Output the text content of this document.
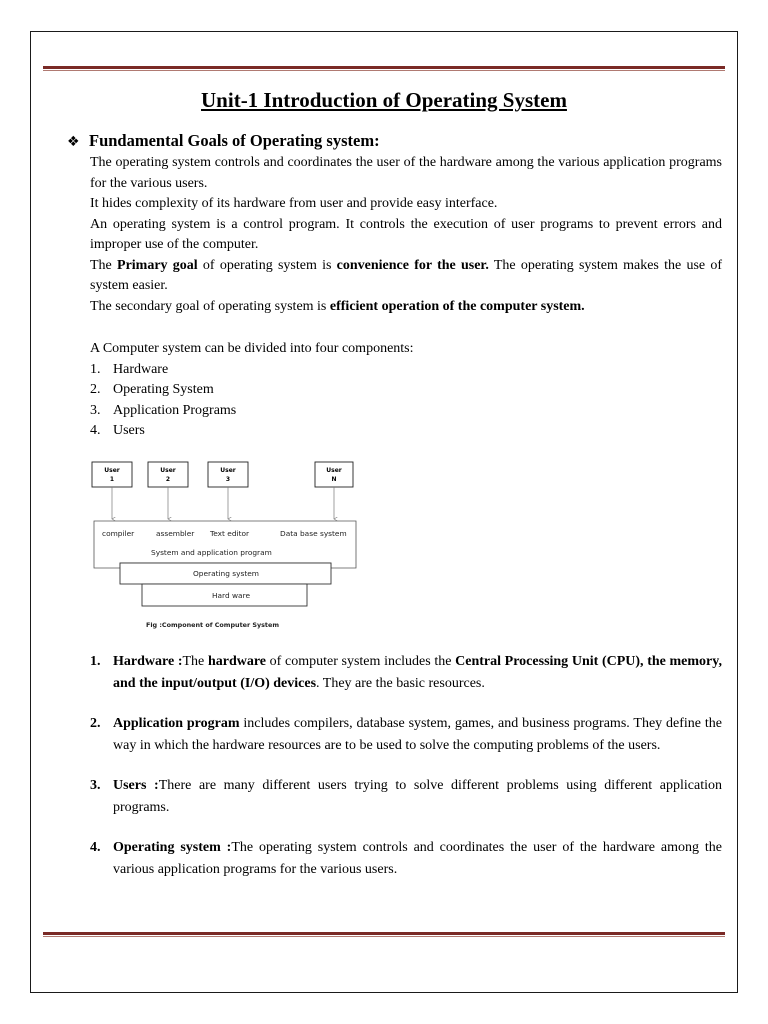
Unit-1 Introduction of Operating System
❖ Fundamental Goals of Operating system:

The operating system controls and coordinates the user of the hardware among the various application programs for the various users.

It hides complexity of its hardware from user and provide easy interface.

An operating system is a control program. It controls the execution of user programs to prevent errors and improper use of the computer.

The Primary goal of operating system is convenience for the user. The operating system makes the use of system easier.

The secondary goal of operating system is efficient operation of the computer system.

A Computer system can be divided into four components:

1. Hardware
2. Operating System
3. Application Programs
4. Users
User
1
User
2
User
3
User
N
compiler	assembler Text editor	Data base system
System and application program
Operating system
Hard ware
Fig :Component of Computer System
1. Hardware :The hardware of computer system includes the Central Processing Unit (CPU), the memory, and the input/output (I/O) devices. They are the basic resources.
2. Application program includes compilers, database system, games, and business programs. They define the way in which the hardware resources are to be used to solve the computing problems of the users.
3. Users :There are many different users trying to solve different problems using different application programs.
4. Operating system :The operating system controls and coordinates the user of the hardware among the various application programs for the various users.
